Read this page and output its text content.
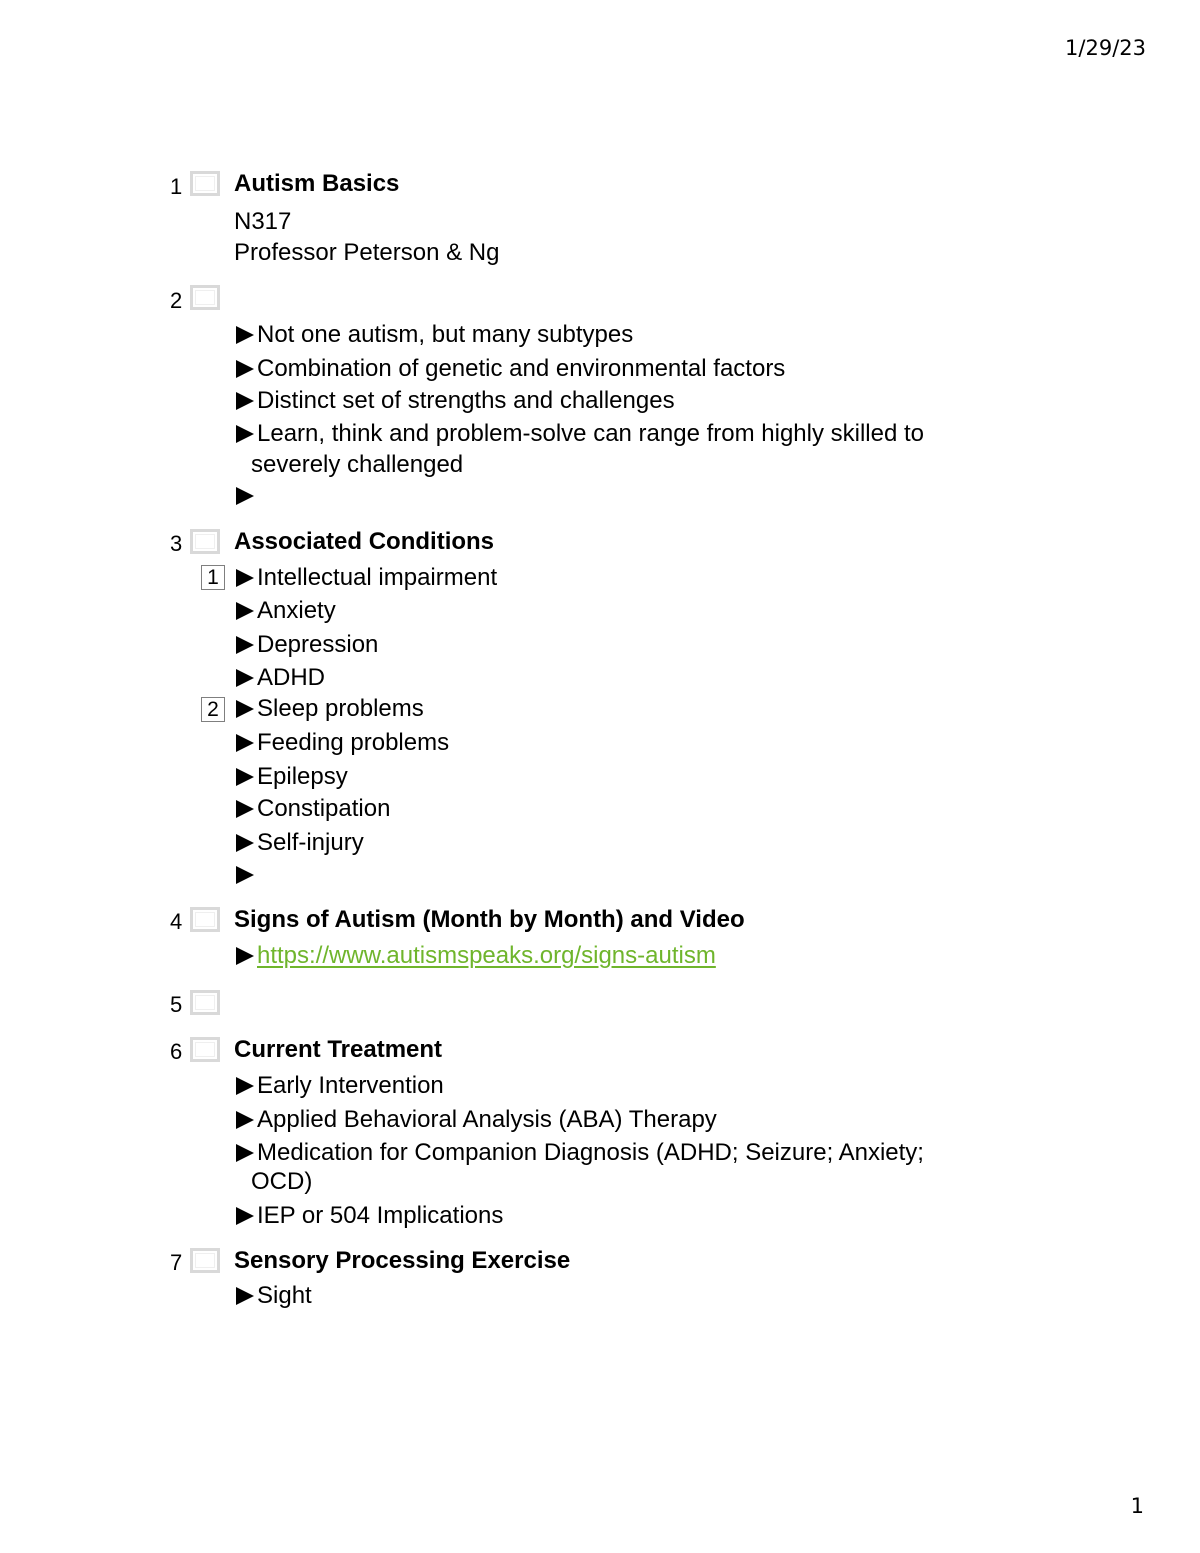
1/29/23
1 Autism Basics
N317
Professor Peterson & Ng
2
Not one autism, but many subtypes
Combination of genetic and environmental factors
Distinct set of strengths and challenges
Learn, think and problem-solve can range from highly skilled to
severely challenged
3 Associated Conditions
1	Intellectual impairment
Anxiety
Depression
ADHD
2	Sleep problems
Feeding problems
Epilepsy
Constipation
Self-injury
4 Signs of Autism (Month by Month) and Video
https://www.autismspeaks.org/signs-autism
5
6 Current Treatment
Early Intervention
Applied Behavioral Analysis (ABA) Therapy
Medication for Companion Diagnosis (ADHD; Seizure; Anxiety;
OCD)
IEP or 504 Implications
7 Sensory Processing Exercise
Sight
1
